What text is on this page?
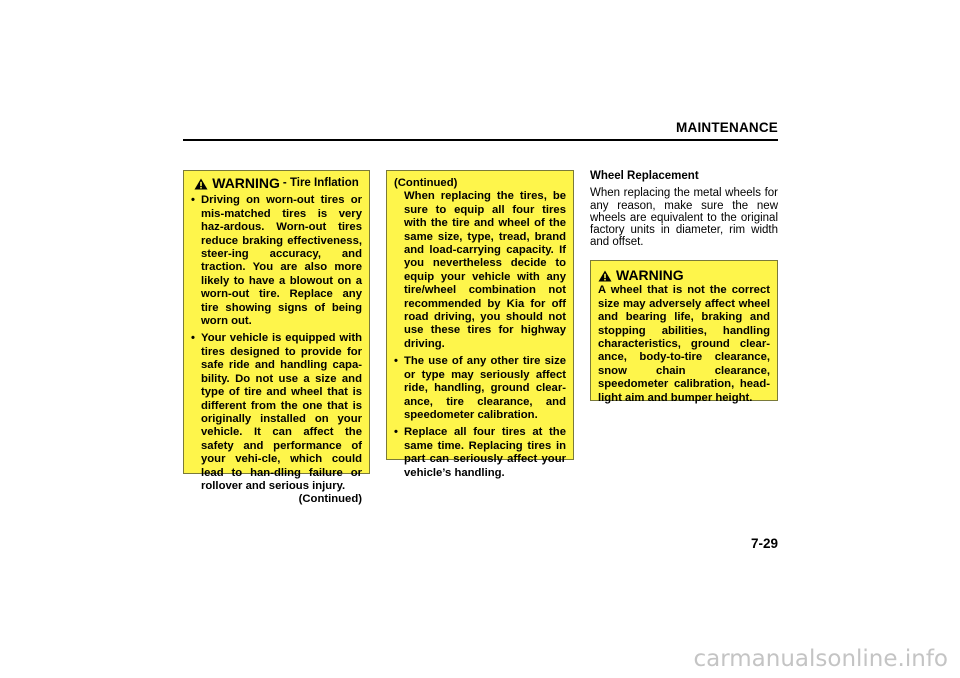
MAINTENANCE
WARNING - Tire Inflation
• Driving on worn-out tires or mis-matched tires is very haz-ardous. Worn-out tires reduce braking effectiveness, steer-ing accuracy, and traction. You are also more likely to have a blowout on a worn-out tire. Replace any tire showing signs of being worn out.
• Your vehicle is equipped with tires designed to provide for safe ride and handling capa-bility. Do not use a size and type of tire and wheel that is different from the one that is originally installed on your vehicle. It can affect the safety and performance of your vehi-cle, which could lead to han-dling failure or rollover and serious injury.
(Continued)
(Continued)
When replacing the tires, be sure to equip all four tires with the tire and wheel of the same size, type, tread, brand and load-carrying capacity. If you nevertheless decide to equip your vehicle with any tire/wheel combination not recommended by Kia for off road driving, you should not use these tires for highway driving.
• The use of any other tire size or type may seriously affect ride, handling, ground clear-ance, tire clearance, and speedometer calibration.
• Replace all four tires at the same time. Replacing tires in part can seriously affect your vehicle’s handling.
Wheel Replacement
When replacing the metal wheels for any reason, make sure the new wheels are equivalent to the original factory units in diameter, rim width and offset.
WARNING
A wheel that is not the correct size may adversely affect wheel and bearing life, braking and stopping abilities, handling characteristics, ground clear-ance, body-to-tire clearance, snow chain clearance, speedometer calibration, head-light aim and bumper height.
7-29
carmanualsonline.info
